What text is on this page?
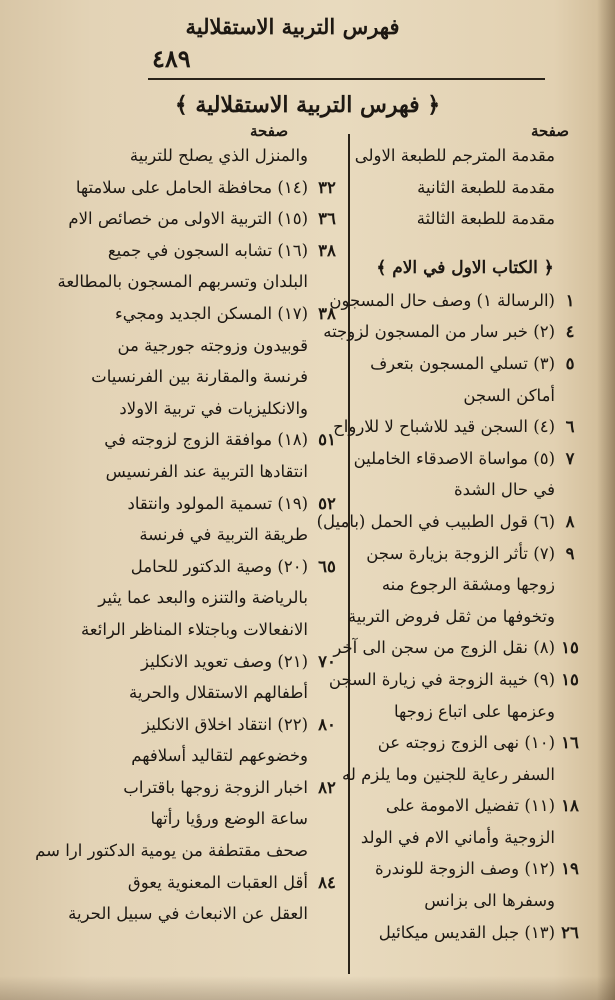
فهرس التربية الاستقلالية
٤٨٩
﴿ فهرس التربية الاستقلالية ﴾
صفحة
صفحة
مقدمة المترجم للطبعة الاولى
مقدمة للطبعة الثانية
مقدمة للطبعة الثالثة
﴿ الكتاب الاول في الام ﴾
١
(الرسالة ١) وصف حال المسجون
٤
(٢) خبر سار من المسجون لزوجته
٥
(٣) تسلي المسجون بتعرف
أماكن السجن
٦
(٤) السجن قيد للاشباح لا للارواح
٧
(٥) مواساة الاصدقاء الخاملين
في حال الشدة
٨
(٦) قول الطبيب في الحمل (باميل)
٩
(٧) تأثر الزوجة بزيارة سجن
زوجها ومشقة الرجوع منه
وتخوفها من ثقل فروض التربية
١٥
(٨) نقل الزوج من سجن الى آخر
١٥
(٩) خيبة الزوجة في زيارة السجن
وعزمها على اتباع زوجها
١٦
(١٠) نهى الزوج زوجته عن
السفر رعاية للجنين وما يلزم له
١٨
(١١) تفضيل الامومة على
الزوجية وأماني الام في الولد
١٩
(١٢) وصف الزوجة للوندرة
وسفرها الى بزانس
٢٦
(١٣) جبل القديس ميكائيل
والمنزل الذي يصلح للتربية
٣٢
(١٤) محافظة الحامل على سلامتها
٣٦
(١٥) التربية الاولى من خصائص الام
٣٨
(١٦) تشابه السجون في جميع
البلدان وتسربهم المسجون بالمطالعة
٣٨
(١٧) المسكن الجديد ومجيء
قوبيدون وزوجته جورجية من
فرنسة والمقارنة بين الفرنسيات
والانكليزيات في تربية الاولاد
٥١
(١٨) موافقة الزوج لزوجته في
انتقادها التربية عند الفرنسيس
٥٢
(١٩) تسمية المولود وانتقاد
طريقة التربية في فرنسة
٦٥
(٢٠) وصية الدكتور للحامل
بالرياضة والتنزه والبعد عما يثير
الانفعالات وباجتلاء المناظر الرائعة
٧٠
(٢١) وصف تعويد الانكليز
أطفالهم الاستقلال والحرية
٨٠
(٢٢) انتقاد اخلاق الانكليز
وخضوعهم لتقاليد أسلافهم
٨٢
اخبار الزوجة زوجها باقتراب
ساعة الوضع ورؤيا رأتها
صحف مقتطفة من يومية الدكتور ارا سم
٨٤
أقل العقبات المعنوية يعوق
العقل عن الانبعاث في سبيل الحرية
